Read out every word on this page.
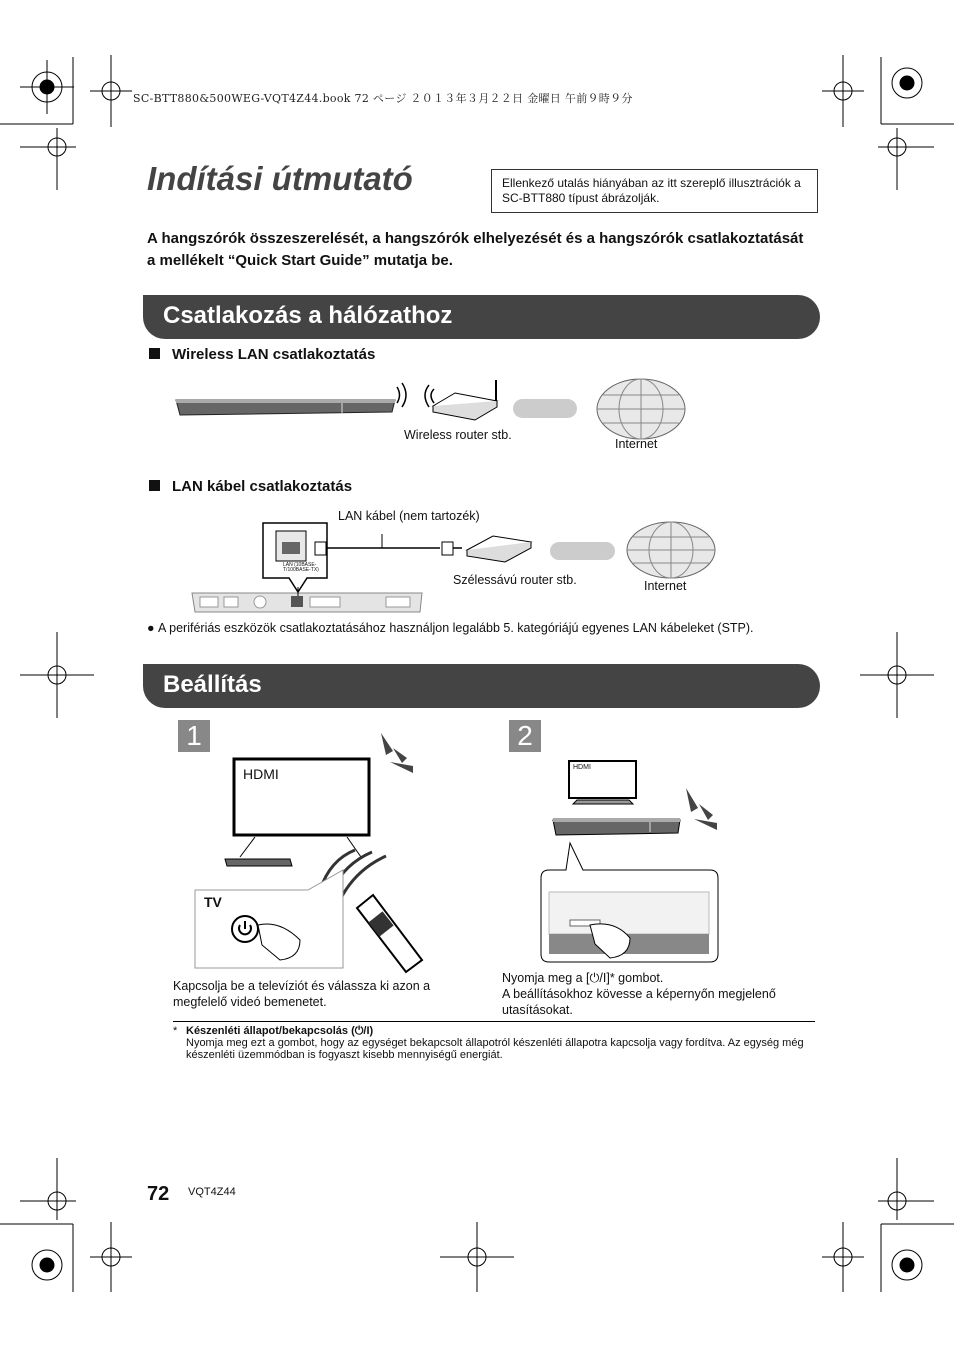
SC-BTT880&500WEG-VQT4Z44.book 72 ページ ２０１３年３月２２日 金曜日 午前９時９分
Indítási útmutató	Ellenkező utalás hiányában az itt szereplő illusztrációk a SC-BTT880 típust ábrázolják.
A hangszórók összeszerelését, a hangszórók elhelyezését és a hangszórók csatlakoztatását a mellékelt “Quick Start Guide” mutatja be.
Csatlakozás a hálózathoz
Wireless LAN csatlakoztatás
Wireless router stb.
Internet
LAN kábel csatlakoztatás
LAN (10BASE-T/100BASE-TX)
LAN kábel (nem tartozék)
Szélessávú router stb.	Internet
● A perifériás eszközök csatlakoztatásához használjon legalább 5. kategóriájú egyenes LAN kábeleket (STP).
Beállítás
1	2
HDMI
TV
HDMI
Kapcsolja be a televíziót és válassza ki azon a megfelelő videó bemenetet.
Nyomja meg a [⏻/I]* gombot.
A beállításokhoz kövesse a képernyőn megjelenő utasításokat.
* Készenléti állapot/bekapcsolás (⏻/I)
Nyomja meg ezt a gombot, hogy az egységet bekapcsolt állapotról készenléti állapotra kapcsolja vagy fordítva. Az egység még készenléti üzemmódban is fogyaszt kisebb mennyiségű energiát.
72 VQT4Z44
